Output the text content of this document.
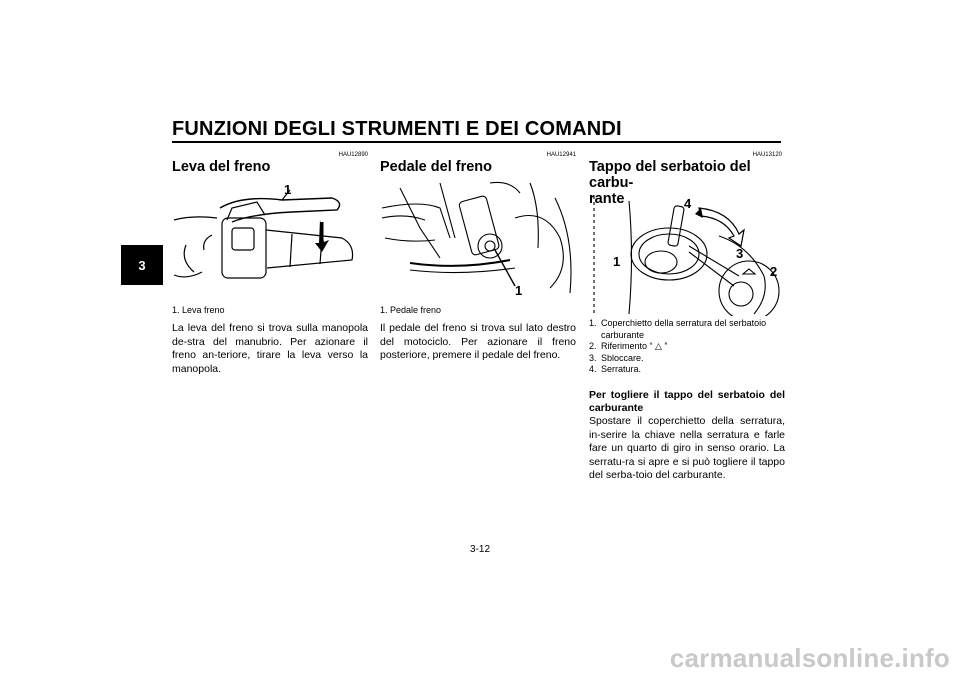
FUNZIONI DEGLI STRUMENTI E DEI COMANDI
3
HAU12890
Leva del freno
1
1. Leva freno
La leva del freno si trova sulla manopola de-stra del manubrio. Per azionare il freno an-teriore, tirare la leva verso la manopola.
HAU12941
Pedale del freno
1
1. Pedale freno
Il pedale del freno si trova sul lato destro del motociclo. Per azionare il freno posteriore, premere il pedale del freno.
HAU13120
Tappo del serbatoio del carbu-
rante	4
3
1
2
1. Coperchietto della serratura del serbatoio carburante
2. Riferimento “ △ ”
3. Sbloccare.
4. Serratura.
Per togliere il tappo del serbatoio del
carburante
Spostare il coperchietto della serratura, in-serire la chiave nella serratura e farle fare un quarto di giro in senso orario. La serratu-ra si apre e si può togliere il tappo del serba-toio del carburante.
3-12
carmanualsonline.info
